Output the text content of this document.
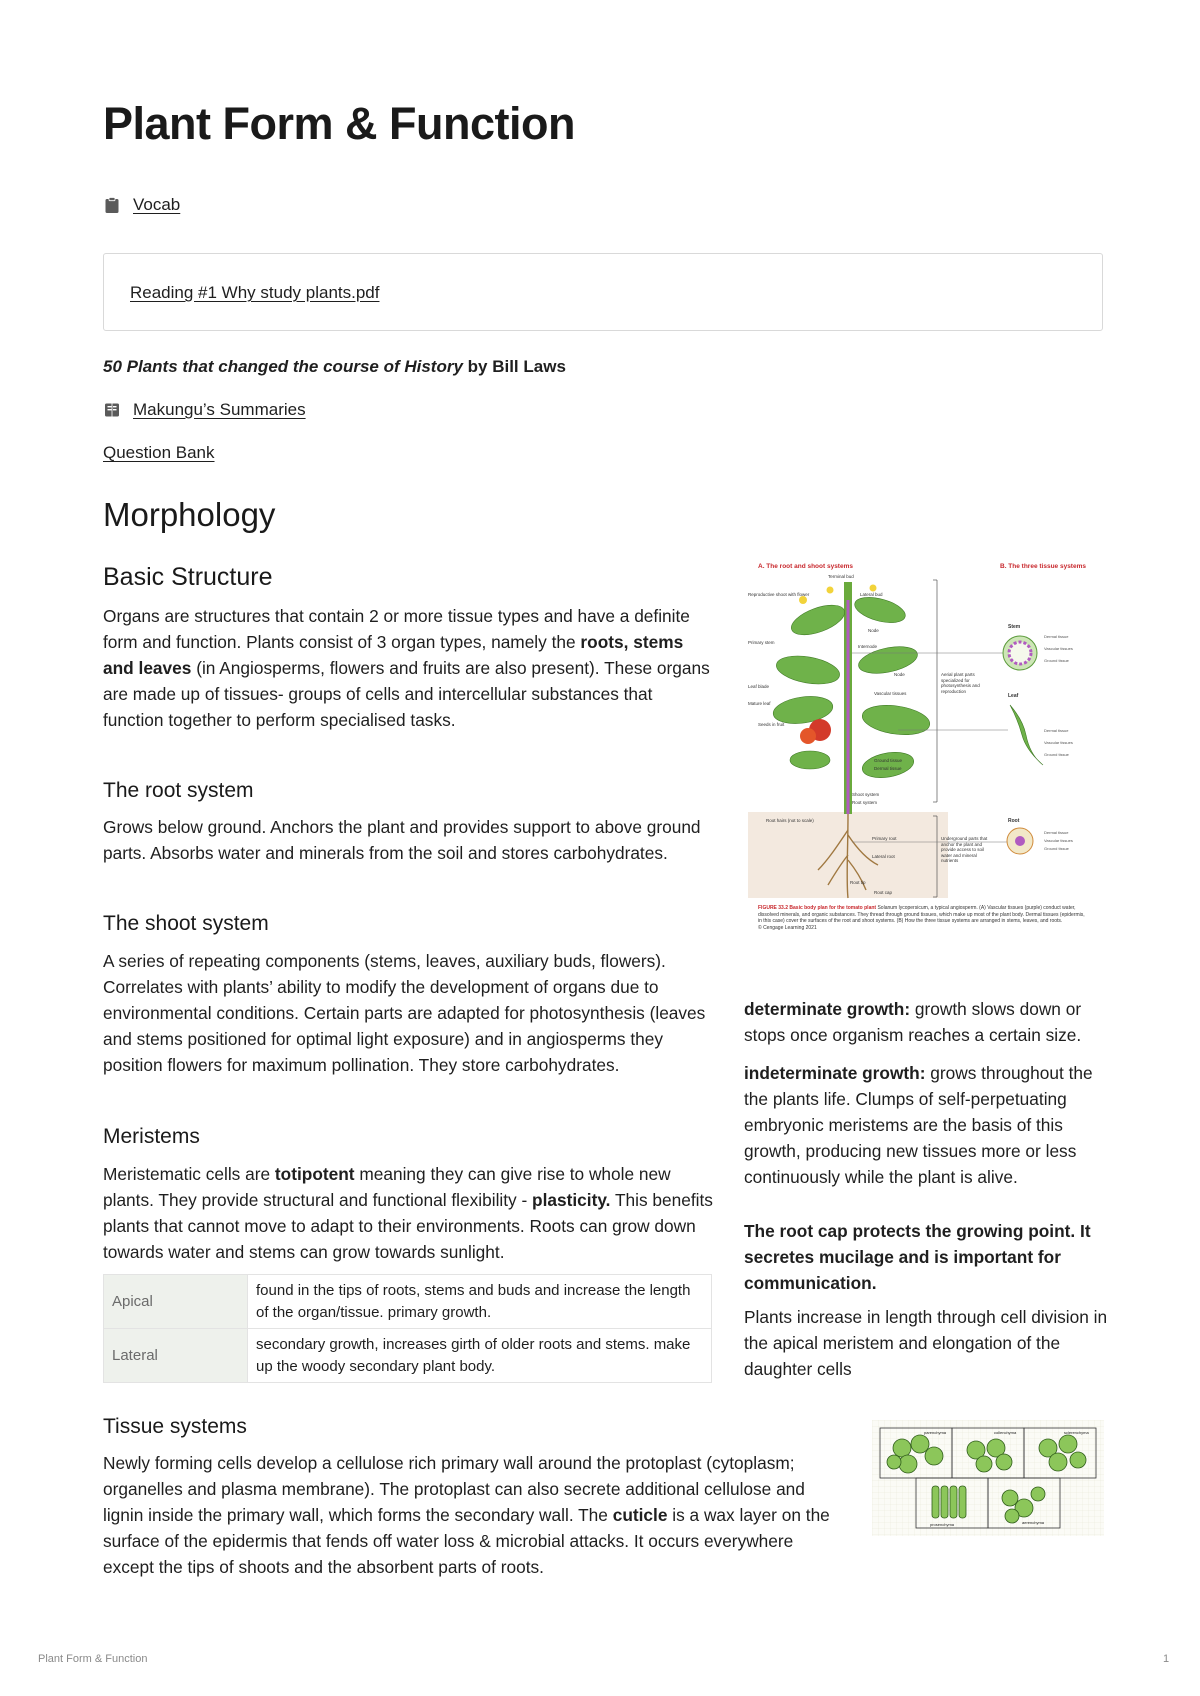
Plant Form & Function
Vocab
Reading #1 Why study plants.pdf
50 Plants that changed the course of History by Bill Laws
Makungu’s Summaries
Question Bank
Morphology
Basic Structure

Organs are structures that contain 2 or more tissue types and have a definite form and function. Plants consist of 3 organ types, namely the roots, stems and leaves (in Angiosperms, flowers and fruits are also present). These organs are made up of tissues- groups of cells and intercellular substances that function together to perform specialised tasks.

The root system

Grows below ground. Anchors the plant and provides support to above ground parts. Absorbs water and minerals from the soil and stores carbohydrates.

The shoot system

A series of repeating components (stems, leaves, auxiliary buds, flowers). Correlates with plants’ ability to modify the development of organs due to environmental conditions. Certain parts are adapted for photosynthesis (leaves and stems positioned for optimal light exposure) and in angiosperms they position flowers for maximum pollination. They store carbohydrates.

Meristems

Meristematic cells are totipotent meaning they can give rise to whole new plants. They provide structural and functional flexibility - plasticity. This benefits plants that cannot move to adapt to their environments. Roots can grow down towards water and stems can grow towards sunlight.

Apical	found in the tips of roots, stems and buds and increase the length of the organ/tissue. primary growth.
Lateral	secondary growth, increases girth of older roots and stems. make up the woody secondary plant body.
A. The root and shoot systems	B. The three tissue systems
Terminal bud
Lateral bud
Reproductive shoot with flower
Primary stem
Node
Internode
Node
Leaf blade
Mature leaf
Seeds in fruit
Vascular tissues
Ground tissue
Dermal tissue
Shoot system
Root system
Root hairs (not to scale)
Primary root
Lateral root
Root tip
Root cap
Aerial plant parts specialized for photosynthesis and reproduction
Underground parts that anchor the plant and provide access to soil water and mineral nutrients
Stem
Leaf
Root
Dermal tissue
Vascular tissues
Ground tissue
Dermal tissue
Vascular tissues
Ground tissue
Dermal tissue
Vascular tissues
Ground tissue
FIGURE 33.2 Basic body plan for the tomato plant Solanum lycopersicum, a typical angiosperm. (A) Vascular tissues (purple) conduct water, dissolved minerals, and organic substances. They thread through ground tissues, which make up most of the plant body. Dermal tissues (epidermis, in this case) cover the surfaces of the root and shoot systems. (B) How the three tissue systems are arranged in stems, leaves, and roots.
© Cengage Learning 2021

determinate growth: growth slows down or stops once organism reaches a certain size.

indeterminate growth: grows throughout the the plants life. Clumps of self-perpetuating embryonic meristems are the basis of this growth, producing new tissues more or less continuously while the plant is alive.

The root cap protects the growing point. It secretes mucilage and is important for communication.

Plants increase in length through cell division in the apical meristem and elongation of the daughter cells

Tissue systems

Newly forming cells develop a cellulose rich primary wall around the protoplast (cytoplasm; organelles and plasma membrane). The protoplast can also secrete additional cellulose and lignin inside the primary wall, which forms the secondary wall. The cuticle is a wax layer on the surface of the epidermis that fends off water loss & microbial attacks. It occurs everywhere except the tips of shoots and the absorbent parts of roots.

parenchyma	collenchyma	sclerenchyma
prosenchyma	aerenchyma
Plant Form & Function	1
